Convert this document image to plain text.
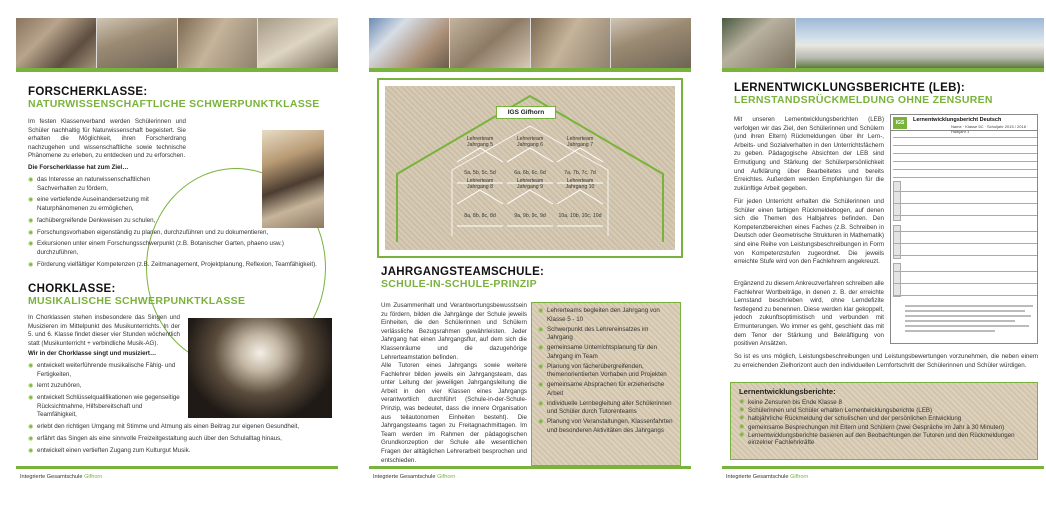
FORSCHERKLASSE:
NATURWISSENSCHAFTLICHE SCHWERPUNKTKLASSE
Im festen Klassenverband werden Schülerinnen und Schüler nachhaltig für Naturwissenschaft begeistert. Sie erhalten die Möglichkeit, ihren Forscherdrang nachzugehen und wissenschaftliche sowie technische Phänomene zu erleben, zu entdecken und zu erforschen.
Die Forscherklasse hat zum Ziel…
◉ das Interesse an naturwissenschaftlichen Sachverhalten zu fördern,
◉ eine vertiefende Auseinandersetzung mit Naturphänomenen zu ermöglichen,
◉ fachübergreifende Denkweisen zu schulen,
◉ Forschungsvorhaben eigenständig zu planen, durchzuführen und zu dokumentieren,
◉ Exkursionen unter einem Forschungsschwerpunkt (z.B. Botanischer Garten, phaeno usw.) durchzuführen,
◉ Förderung vielfältiger Kompetenzen (z.B. Zeitmanagement, Projektplanung, Reflexion, Teamfähigkeit).
CHORKLASSE:
MUSIKALISCHE SCHWERPUNKTKLASSE
In Chorklassen stehen insbesondere das Singen und Musizieren im Mittelpunkt des Musikunterrichts. In der 5. und 6. Klasse findet dieser vier Stunden wöchentlich statt (Musikunterricht + verbindliche Musik-AG).
Wir in der Chorklasse singt und musiziert…
◉ entwickelt weiterführende musikalische Fähig- und Fertigkeiten,
◉ lernt zuzuhören,
◉ entwickelt Schlüsselqualifikationen wie gegenseitige Rücksichtnahme, Hilfsbereitschaft und Teamfähigkeit,
◉ erlebt den richtigen Umgang mit Stimme und Atmung als einen Beitrag zur eigenen Gesundheit,
◉ erfährt das Singen als eine sinnvolle Freizeitgestaltung auch über den Schulalltag hinaus,
◉ entwickelt einen vertieften Zugang zum Kulturgut Musik.
Integrierte Gesamtschule Gifhorn
IGS Gifhorn
Lehrerteam
Jahrgang 5
5a, 5b, 5c, 5d
Lehrerteam
Jahrgang 6
6a, 6b, 6c, 6d
Lehrerteam
Jahrgang 7
7a, 7b, 7c, 7d
Lehrerteam
Jahrgang 8
8a, 8b, 8c, 8d
Lehrerteam
Jahrgang 9
9a, 9b, 9c, 9d
Lehrerteam
Jahrgang 10
10a, 10b, 10c, 10d
JAHRGANGSTEAMSCHULE:
SCHULE-IN-SCHULE-PRINZIP
Um Zusammenhalt und Verantwortungsbewusstsein zu fördern, bilden die Jahrgänge der Schule jeweils Einheiten, die den Schülerinnen und Schülern verlässliche Bezugsrahmen gewährleisten. Jeder Jahrgang hat einen Jahrgangsflur, auf dem sich die Klassenräume und die dazugehörige Lehrerteamstation befinden.
Alle Tutoren eines Jahrgangs sowie weitere Fachlehrer bilden jeweils ein Jahrgangsteam, das unter Leitung der jeweiligen Jahrgangsleitung die Arbeit in den vier Klassen eines Jahrgangs verantwortlich durchführt (Schule-in-der-Schule-Prinzip, was bedeutet, dass die innere Organisation aus teilautonomen Einheiten besteht). Die Jahrgangsteams tagen zu Freitagnachmittagen. Im Team werden im Rahmen der pädagogischen Grundkonzeption der Schule alle wesentlichen Fragen der alltäglichen Lehrerarbeit besprochen und entschieden.
◉ Lehrerteams begleiten den Jahrgang von Klasse 5 - 10
◉ Schwerpunkt des Lehrereinsatzes im Jahrgang
◉ gemeinsame Unterrichtsplanung für den Jahrgang im Team
◉ Planung von fächerübergreifenden, themenorientierten Vorhaben und Projekten
◉ gemeinsame Absprachen für erzieherische Arbeit
◉ individuelle Lernbegleitung aller Schülerinnen und Schüler durch Tutorenteams
◉ Planung von Veranstaltungen, Klassenfahrten und besonderen Aktivitäten des Jahrgangs
Integrierte Gesamtschule Gifhorn
LERNENTWICKLUNGSBERICHTE (LEB):
LERNSTANDSRÜCKMELDUNG OHNE ZENSUREN
Mit unseren Lernentwicklungsberichten (LEB) verfolgen wir das Ziel, den Schülerinnen und Schülern (und ihren Eltern) Rückmeldungen über ihr Lern-, Arbeits- und Sozialverhalten in den Unterrichtsfächern zu geben. Pädagogische Absichten der LEB sind Ermutigung und Stärkung der Schülerpersönlichkeit und Aufklärung über Bearbeitetes und bereits Erreichtes. Außerdem werden Empfehlungen für die zukünftige Arbeit gegeben.
Für jeden Unterricht erhalten die Schülerinnen und Schüler einen farbigen Rückmeldebogen, auf denen sich die Themen des Halbjahres befinden. Den Kompetenzbereichen eines Faches (z.B. Schreiben in Deutsch oder Geometrische Strukturen in Mathematik) sind eine Reihe von Leistungsbeschreibungen in Form von Kompetenzstufen zugeordnet. Die jeweils erreichte Stufe wird von den Fachlehrern angekreuzt.
Ergänzend zu diesem Ankreuzverfahren schreiben alle Fachlehrer Wortbeiträge, in denen z. B. der erreichte Lernstand beschrieben wird, ohne Lerndefizite festlegend zu benennen. Diese werden klar gekoppelt, jedoch zukunftsoptimistisch und verbunden mit Ermunterungen. Wo immer es geht, geschieht das mit dem Tenor der Stärkung und Bekräftigung von positiven Ansätzen.
So ist es uns möglich, Leistungsbeschreibungen und Leistungsbewertungen vorzunehmen, die neben einem zu erreichenden Zielhorizont auch den individuellen Lernfortschritt der Schülerinnen und Schüler würdigen.
IGS	Lernentwicklungsbericht Deutsch
Name · Klasse 5C · Schuljahr 2015 / 2016 · Halbjahr 1
Lernentwicklungsberichte:
◉ keine Zensuren bis Ende Klasse 8
◉ Schülerinnen und Schüler erhalten Lernentwicklungsberichte (LEB)
◉ halbjährliche Rückmeldung der schulischen und der persönlichen Entwicklung
◉ gemeinsame Besprechungen mit Eltern und Schülern (zwei Gespräche im Jahr à 30 Minuten)
◉ Lernentwicklungsberichte basieren auf den Beobachtungen der Tutoren und den Rückmeldungen einzelner Fachlehrkräfte
Integrierte Gesamtschule Gifhorn
